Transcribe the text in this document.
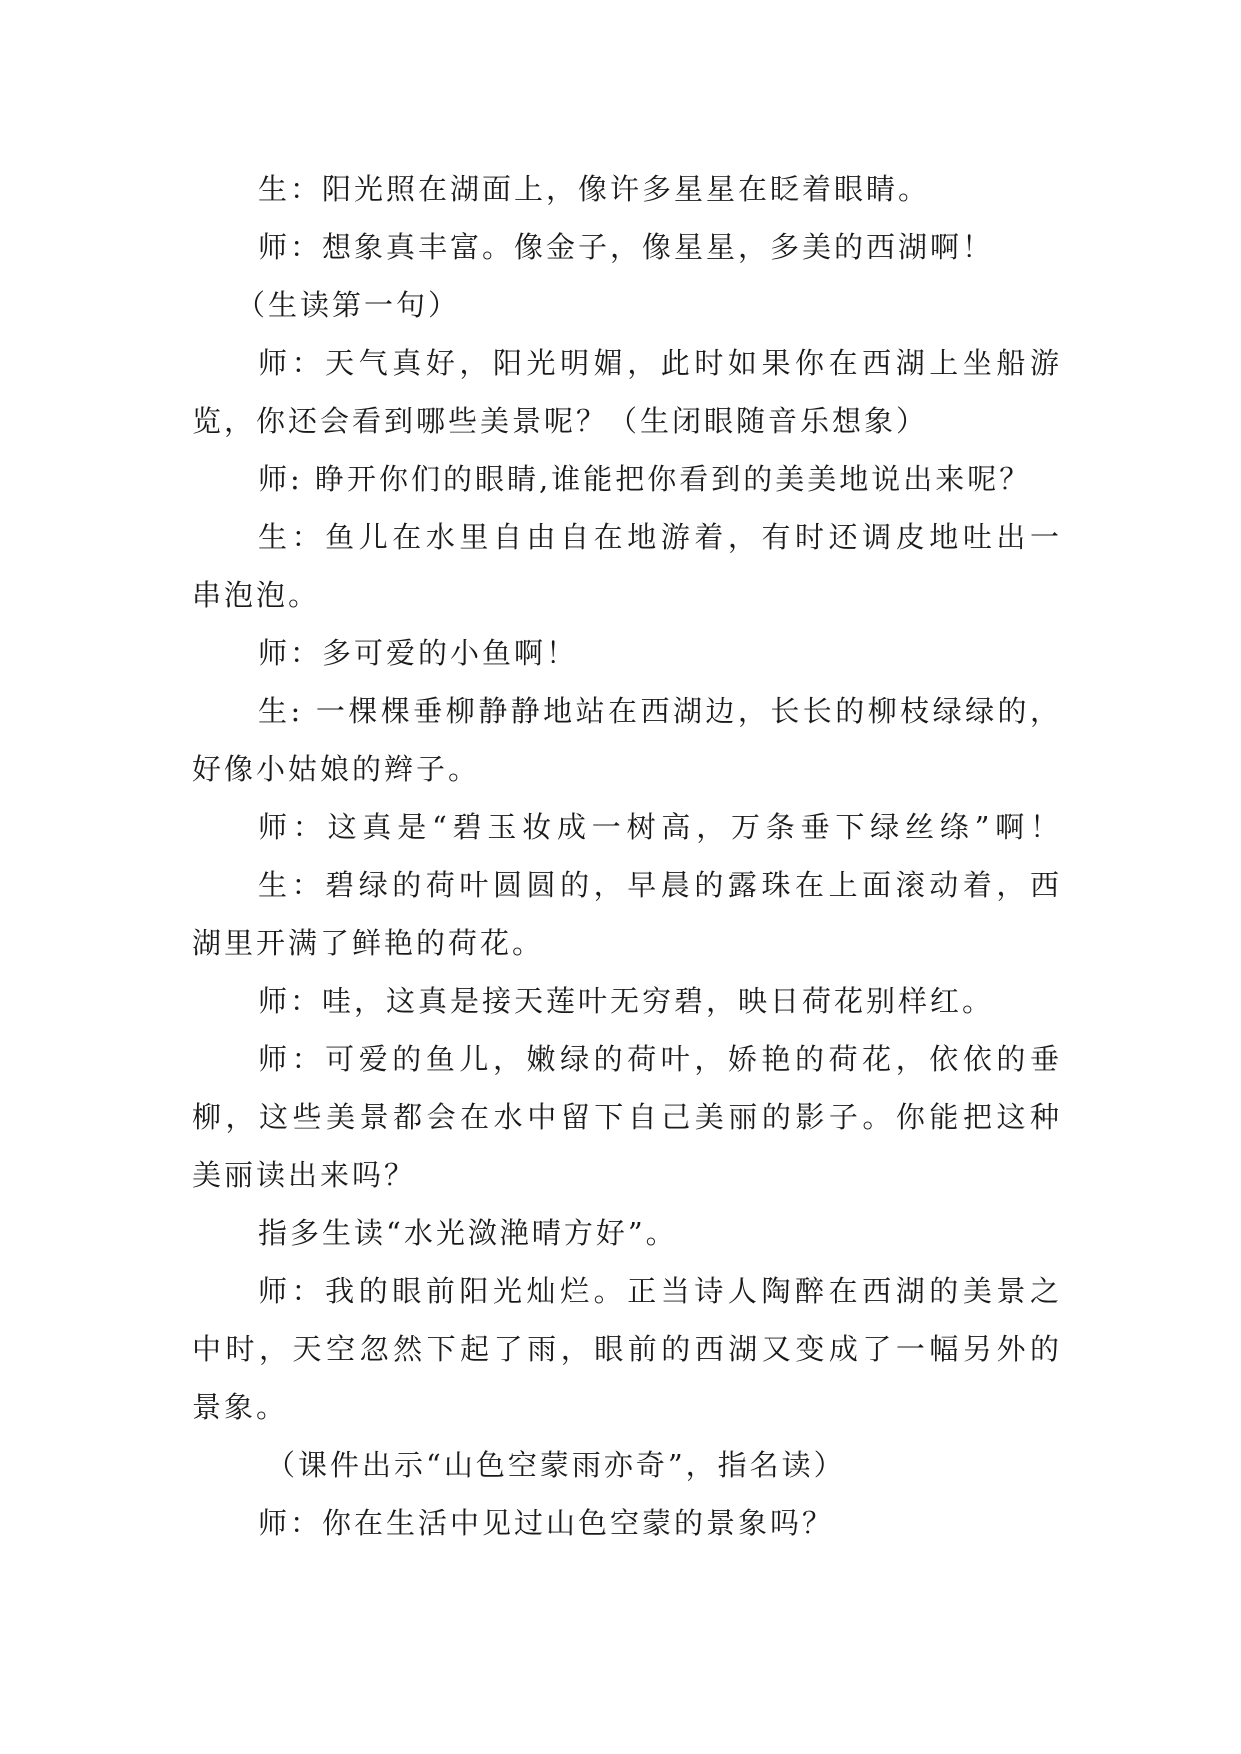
生：阳光照在湖面上，像许多星星在眨着眼睛。
师：想象真丰富。像金子，像星星，多美的西湖啊！
（生读第一句）
师：天气真好，阳光明媚，此时如果你在西湖上坐船游
览，你还会看到哪些美景呢？（生闭眼随音乐想象）
师: 睁开你们的眼睛,谁能把你看到的美美地说出来呢？
生：鱼儿在水里自由自在地游着，有时还调皮地吐出一
串泡泡。
师：多可爱的小鱼啊！
生: 一棵棵垂柳静静地站在西湖边，长长的柳枝绿绿的，
好像小姑娘的辫子。
师：这真是“碧玉妆成一树高，万条垂下绿丝绦”啊！
生：碧绿的荷叶圆圆的，早晨的露珠在上面滚动着，西
湖里开满了鲜艳的荷花。
师：哇，这真是接天莲叶无穷碧，映日荷花别样红。
师：可爱的鱼儿，嫩绿的荷叶，娇艳的荷花，依依的垂
柳，这些美景都会在水中留下自己美丽的影子。你能把这种
美丽读出来吗？
指多生读“水光潋滟晴方好”。
师：我的眼前阳光灿烂。正当诗人陶醉在西湖的美景之
中时，天空忽然下起了雨，眼前的西湖又变成了一幅另外的
景象。
（课件出示“山色空蒙雨亦奇”，指名读）
师：你在生活中见过山色空蒙的景象吗？
